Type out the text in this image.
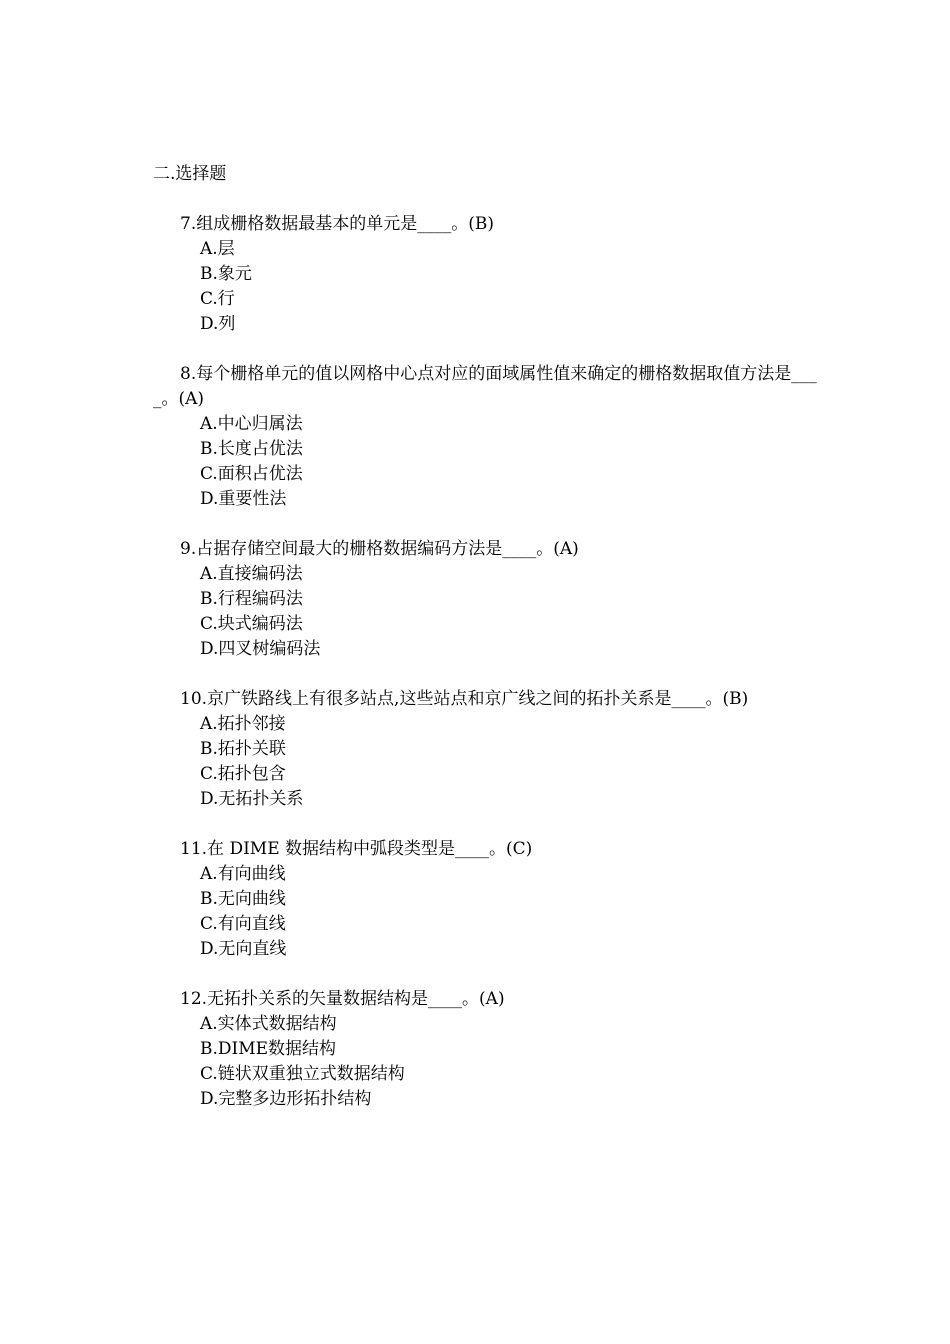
二.选择题

7.组成栅格数据最基本的单元是____。(B)

A.层
B.象元
C.行
D.列

8.每个栅格单元的值以网格中心点对应的面域属性值来确定的栅格数据取值方法是____。(A)

A.中心归属法
B.长度占优法
C.面积占优法
D.重要性法

9.占据存储空间最大的栅格数据编码方法是____。(A)

A.直接编码法
B.行程编码法
C.块式编码法
D.四叉树编码法

10.京广铁路线上有很多站点,这些站点和京广线之间的拓扑关系是____。(B)

A.拓扑邻接
B.拓扑关联
C.拓扑包含
D.无拓扑关系

11.在 DIME 数据结构中弧段类型是____。(C)

A.有向曲线
B.无向曲线
C.有向直线
D.无向直线

12.无拓扑关系的矢量数据结构是____。(A)

A.实体式数据结构
B.DIME数据结构
C.链状双重独立式数据结构
D.完整多边形拓扑结构
